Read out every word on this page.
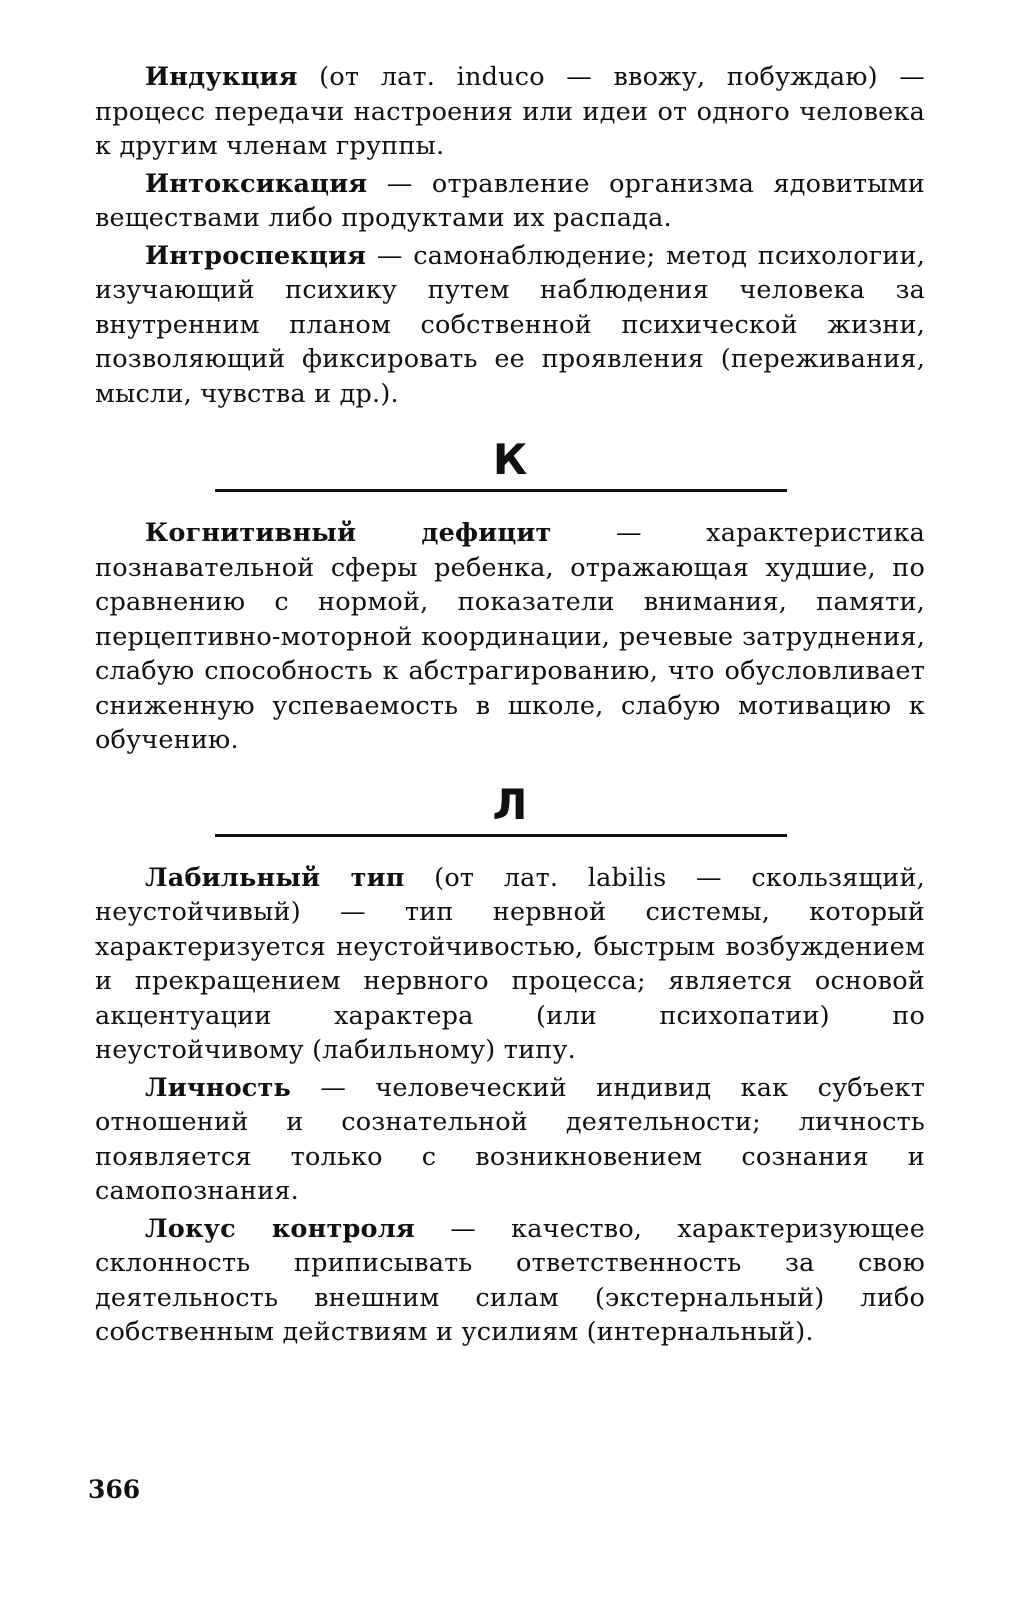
Индукция (от лат. induco — ввожу, побуждаю) — процесс передачи настроения или идеи от одного человека к другим членам группы.

Интоксикация — отравление организма ядовитыми веществами либо продуктами их распада.

Интроспекция — самонаблюдение; метод психологии, изучающий психику путем наблюдения человека за внутренним планом собственной психической жизни, позволяющий фиксировать ее проявления (переживания, мысли, чувства и др.).

К

Когнитивный дефицит — характеристика познавательной сферы ребенка, отражающая худшие, по сравнению с нормой, показатели внимания, памяти, перцептивно-моторной координации, речевые затруднения, слабую способность к абстрагированию, что обусловливает сниженную успеваемость в школе, слабую мотивацию к обучению.

Л

Лабильный тип (от лат. labilis — скользящий, неустойчивый) — тип нервной системы, который характеризуется неустойчивостью, быстрым возбуждением и прекращением нервного процесса; является основой акцентуации характера (или психопатии) по неустойчивому (лабильному) типу.

Личность — человеческий индивид как субъект отношений и сознательной деятельности; личность появляется только с возникновением сознания и самопознания.

Локус контроля — качество, характеризующее склонность приписывать ответственность за свою деятельность внешним силам (экстернальный) либо собственным действиям и усилиям (интернальный).

366
